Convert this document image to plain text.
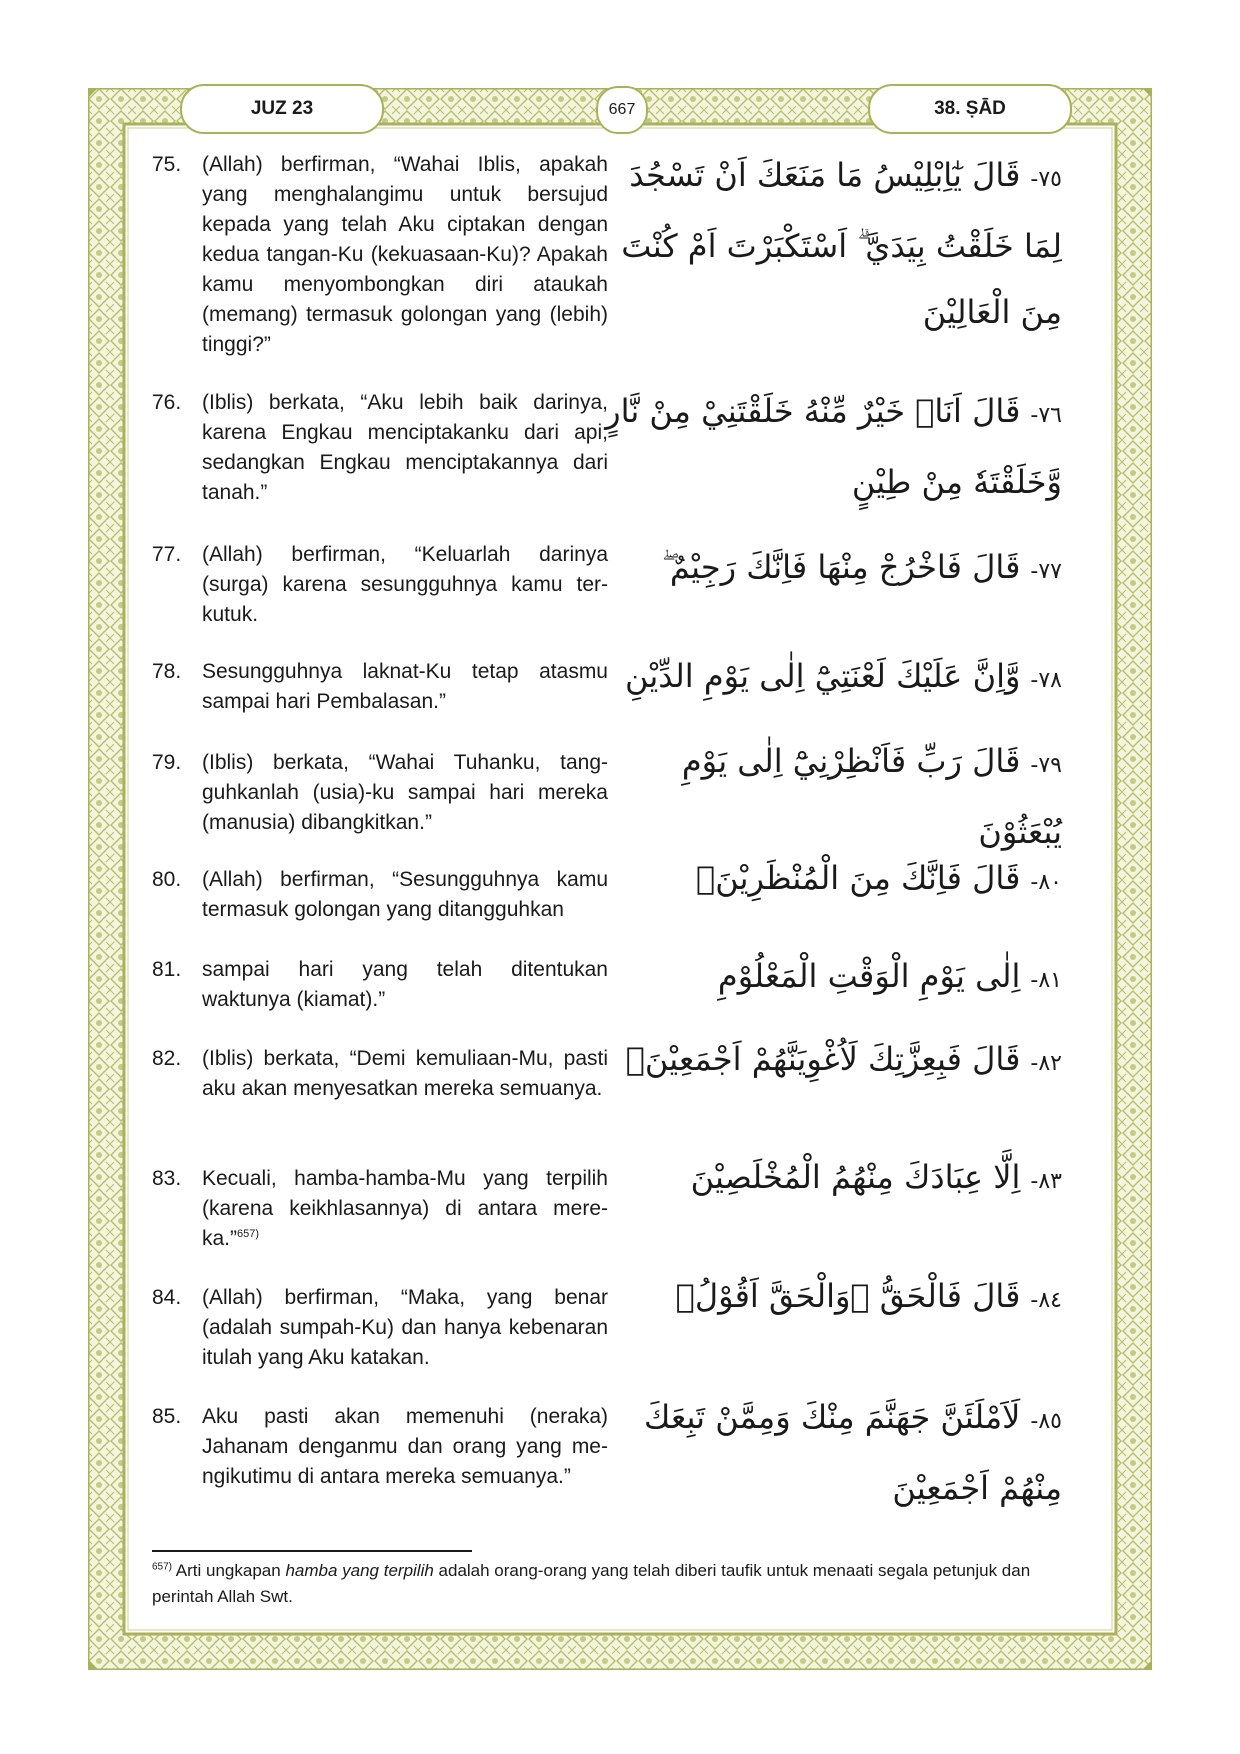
JUZ 23	667	38. ṢĀD
75. (Allah) berfirman, “Wahai Iblis, apakah yang menghalangimu untuk bersujud kepada yang telah Aku ciptakan dengan kedua tangan-Ku (kekuasaan-Ku)? Apakah kamu menyombongkan diri ataukah (memang) termasuk golongan yang (lebih) tinggi?”
٧٥-قَالَ يٰٓاِبْلِيْسُ مَا مَنَعَكَ اَنْ تَسْجُدَ لِمَا خَلَقْتُ بِيَدَيَّ ۗ اَسْتَكْبَرْتَ اَمْ كُنْتَ مِنَ الْعَالِيْنَ
76. (Iblis) berkata, “Aku lebih baik darinya, karena Engkau menciptakanku dari api, sedangkan Engkau menciptakannya dari tanah.”
٧٦-قَالَ اَنَا۠ خَيْرٌ مِّنْهُ خَلَقْتَنِيْ مِنْ نَّارٍ وَّخَلَقْتَهٗ مِنْ طِيْنٍ
77. (Allah) berfirman, “Keluarlah darinya (surga) karena sesungguhnya kamu terkutuk.
٧٧-قَالَ فَاخْرُجْ مِنْهَا فَاِنَّكَ رَجِيْمٌ ۖ
78. Sesungguhnya laknat-Ku tetap atasmu sampai hari Pembalasan.”
٧٨-وَّاِنَّ عَلَيْكَ لَعْنَتِيْٓ اِلٰى يَوْمِ الدِّيْنِ
79. (Iblis) berkata, “Wahai Tuhanku, tangguhkanlah (usia)-ku sampai hari mereka (manusia) dibangkitkan.”
٧٩-قَالَ رَبِّ فَاَنْظِرْنِيْٓ اِلٰى يَوْمِ يُبْعَثُوْنَ
80. (Allah) berfirman, “Sesungguhnya kamu termasuk golongan yang ditangguhkan
٨٠-قَالَ فَاِنَّكَ مِنَ الْمُنْظَرِيْنَۙ
81. sampai hari yang telah ditentukan waktunya (kiamat).”
٨١-اِلٰى يَوْمِ الْوَقْتِ الْمَعْلُوْمِ
82. (Iblis) berkata, “Demi kemuliaan-Mu, pasti aku akan menyesatkan mereka semuanya.
٨٢-قَالَ فَبِعِزَّتِكَ لَاُغْوِيَنَّهُمْ اَجْمَعِيْنَۙ
83. Kecuali, hamba-hamba-Mu yang terpilih (karena keikhlasannya) di antara mereka.”$^{657)}$
٨٣-اِلَّا عِبَادَكَ مِنْهُمُ الْمُخْلَصِيْنَ
84. (Allah) berfirman, “Maka, yang benar (adalah sumpah-Ku) dan hanya kebenaran itulah yang Aku katakan.
٨٤-قَالَ فَالْحَقُّ ۖوَالْحَقَّ اَقُوْلُۚ
85. Aku pasti akan memenuhi (neraka) Jahanam denganmu dan orang yang mengikutimu di antara mereka semuanya.”
٨٥-لَاَمْلَئَنَّ جَهَنَّمَ مِنْكَ وَمِمَّنْ تَبِعَكَ مِنْهُمْ اَجْمَعِيْنَ
$^{657)}$ Arti ungkapan hamba yang terpilih adalah orang-orang yang telah diberi taufik untuk menaati segala petunjuk dan perintah Allah Swt.
